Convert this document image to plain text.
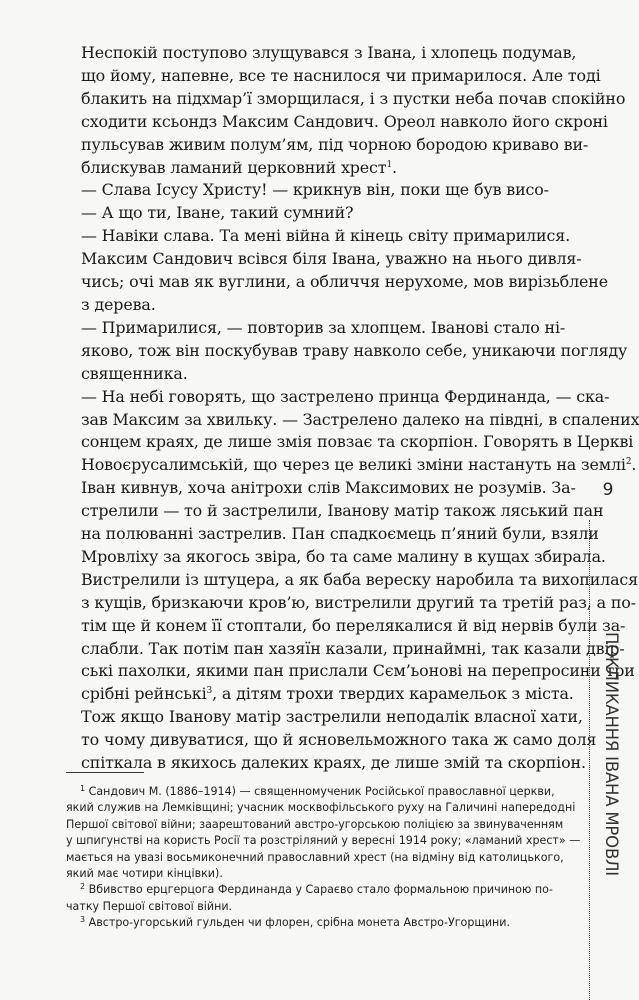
Неспокій поступово злущувався з Івана, і хлопець подумав,
що йому, напевне, все те наснилося чи примарилося. Але тоді
блакить на підхмар’ї зморщилася, і з пустки неба почав спокійно
сходити ксьондз Максим Сандович. Ореол навколо його скроні
пульсував живим полум’ям, під чорною бородою криваво ви-
блискував ламаний церковний хрест$^1$.

— Слава Ісусу Христу! — крикнув він, поки ще був висо-

— А що ти, Іване, такий сумний?

— Навіки слава. Та мені війна й кінець світу примарилися.

Максим Сандович всівся біля Івана, уважно на нього дивля-
чись; очі мав як вуглини, а обличчя нерухоме, мов вирізьблене
з дерева.

— Примарилися, — повторив за хлопцем. Іванові стало ні-
яково, тож він поскубував траву навколо себе, уникаючи погляду
священника.

— На небі говорять, що застрелено принца Фердинанда, — ска-
зав Максим за хвильку. — Застрелено далеко на півдні, в спалених
сонцем краях, де лише змія повзає та скорпіон. Говорять в Церкві
Новоєрусалимській, що через це великі зміни настануть на землі$^2$.

Іван кивнув, хоча анітрохи слів Максимових не розумів. За-
стрелили — то й застрелили, Івановy матір також ляський пан
на полюванні застрелив. Пан спадкоємець п’яний були, взяли
Мровліху за якогось звіра, бо та саме малину в кущах збирала.
Вистрелили із штуцера, а як баба вереску наробила та вихопилася
з кущів, бризкаючи кров’ю, вистрелили другий та третій раз, а по-
тім ще й конем її стоптали, бо перелякалися й від нервів були за-
слабли. Так потім пан хазяїн казали, принаймні, так казали двір-
ські пахолки, якими пан прислали Сєм’ьонові на перепросини три
срібні рейнські$^3$, а дітям трохи твердих карамельок з міста.

Тож якщо Іванову матір застрелили неподалік власної хати,
то чому дивуватися, що й ясновельможного така ж само доля
спіткала в якихось далеких краях, де лише змій та скорпіон.

$^1$ Сандович М. (1886–1914) — священномученик Російської православної церкви,
який служив на Лемківщині; учасник москвофільського руху на Галичині напередодні
Першої світової війни; заарештований австро-угорською поліцією за звинуваченням
у шпигунстві на користь Росії та розстріляний у вересні 1914 року; «ламаний хрест» —
мається на увазі восьмиконечний православний хрест (на відміну від католицького,
який має чотири кінцівки).

$^2$ Вбивство ерцгерцога Фердинанда у Сараєво стало формальною причиною по-
чатку Першої світової війни.

$^3$ Австро-угорський гульден чи флорен, срібна монета Австро-Угорщини.

9
ПОКЛИКАННЯ ІВАНА МРОВЛІ
